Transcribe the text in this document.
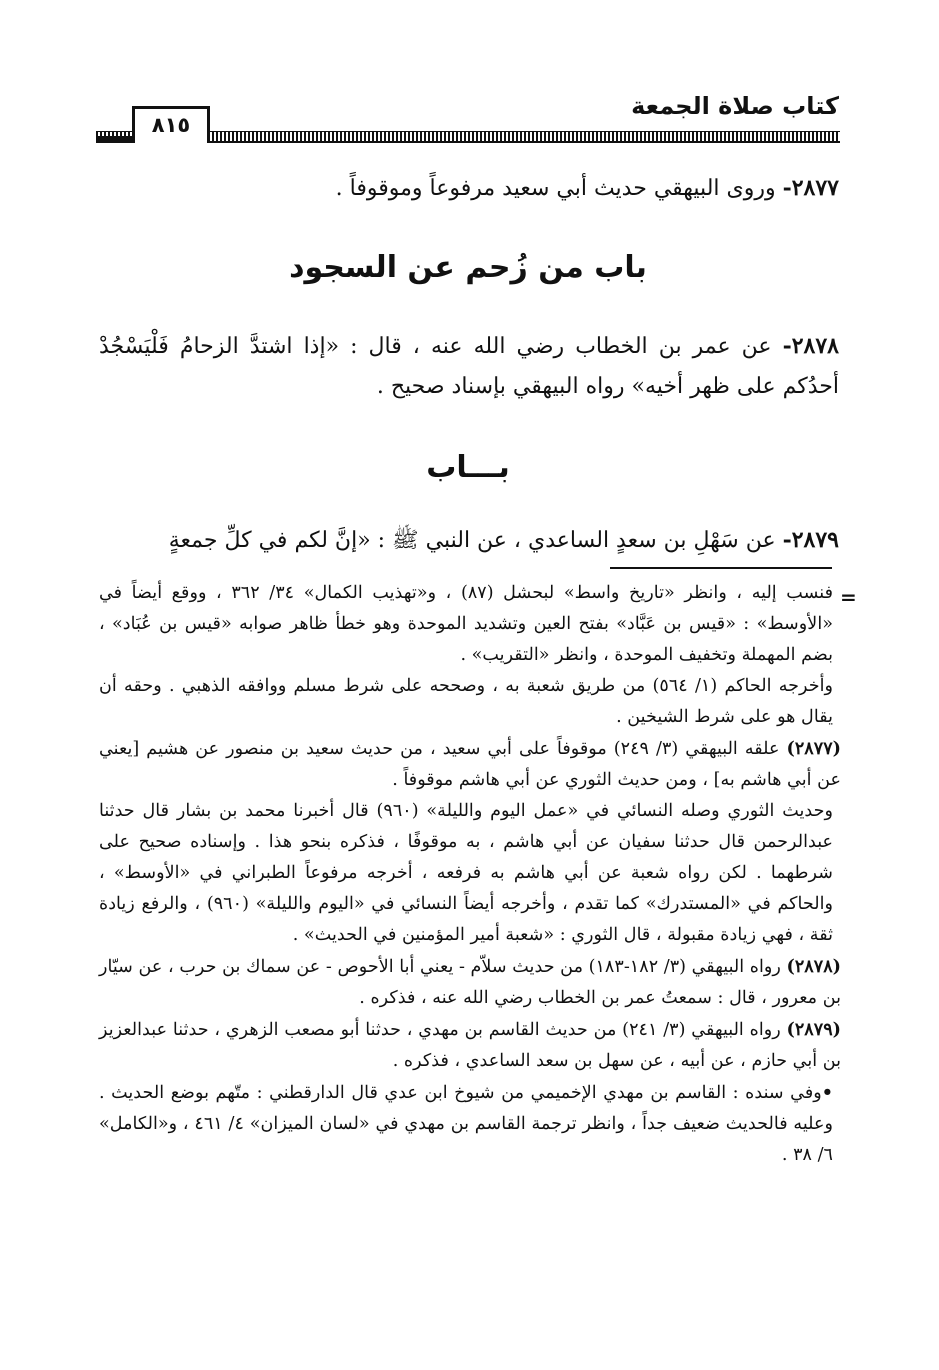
كتاب صلاة الجمعة
٨١٥
٢٨٧٧- وروى البيهقي حديث أبي سعيد مرفوعاً وموقوفاً .
باب من زُحم عن السجود
٢٨٧٨- عن عمر بن الخطاب رضي الله عنه ، قال : «إذا اشتدَّ الزحامُ فَلْيَسْجُدْ أحدُكم على ظهر أخيه» رواه البيهقي بإسناد صحيح .
بـــاب
٢٨٧٩- عن سَهْلِ بن سعدٍ الساعدي ، عن النبي ﷺ : «إنَّ لكم في كلِّ جمعةٍ
=

فنسب إليه ، وانظر «تاريخ واسط» لبحشل (٨٧) ، و«تهذيب الكمال» ٣٤/ ٣٦٢ ، ووقع أيضاً في «الأوسط» : «قيس بن عَبَّاد» بفتح العين وتشديد الموحدة وهو خطأ ظاهر صوابه «قيس بن عُبَاد» ، بضم المهملة وتخفيف الموحدة ، وانظر «التقريب» .

وأخرجه الحاكم (١/ ٥٦٤) من طريق شعبة به ، وصححه على شرط مسلم ووافقه الذهبي . وحقه أن يقال هو على شرط الشيخين .

(٢٨٧٧) علقه البيهقي (٣/ ٢٤٩) موقوفاً على أبي سعيد ، من حديث سعيد بن منصور عن هشيم [يعني عن أبي هاشم به] ، ومن حديث الثوري عن أبي هاشم موقوفاً .

وحديث الثوري وصله النسائي في «عمل اليوم والليلة» (٩٦٠) قال أخبرنا محمد بن بشار قال حدثنا عبدالرحمن قال حدثنا سفيان عن أبي هاشم ، به موقوفًا ، فذكره بنحو هذا . وإسناده صحيح على شرطهما . لكن رواه شعبة عن أبي هاشم به فرفعه ، أخرجه مرفوعاً الطبراني في «الأوسط» ، والحاكم في «المستدرك» كما تقدم ، وأخرجه أيضاً النسائي في «اليوم والليلة» (٩٦٠) ، والرفع زيادة ثقة ، فهي زيادة مقبولة ، قال الثوري : «شعبة أمير المؤمنين في الحديث» .

(٢٨٧٨) رواه البيهقي (٣/ ١٨٢-١٨٣) من حديث سلاّم - يعني أبا الأحوص - عن سماك بن حرب ، عن سيّار بن معرور ، قال : سمعتُ عمر بن الخطاب رضي الله عنه ، فذكره .

(٢٨٧٩) رواه البيهقي (٣/ ٢٤١) من حديث القاسم بن مهدي ، حدثنا أبو مصعب الزهري ، حدثنا عبدالعزيز بن أبي حازم ، عن أبيه ، عن سهل بن سعد الساعدي ، فذكره .

•وفي سنده : القاسم بن مهدي الإخميمي من شيوخ ابن عدي قال الدارقطني : متّهم بوضع الحديث . وعليه فالحديث ضعيف جداً ، وانظر ترجمة القاسم بن مهدي في «لسان الميزان» ٤/ ٤٦١ ، و«الكامل» ٦/ ٣٨ .
